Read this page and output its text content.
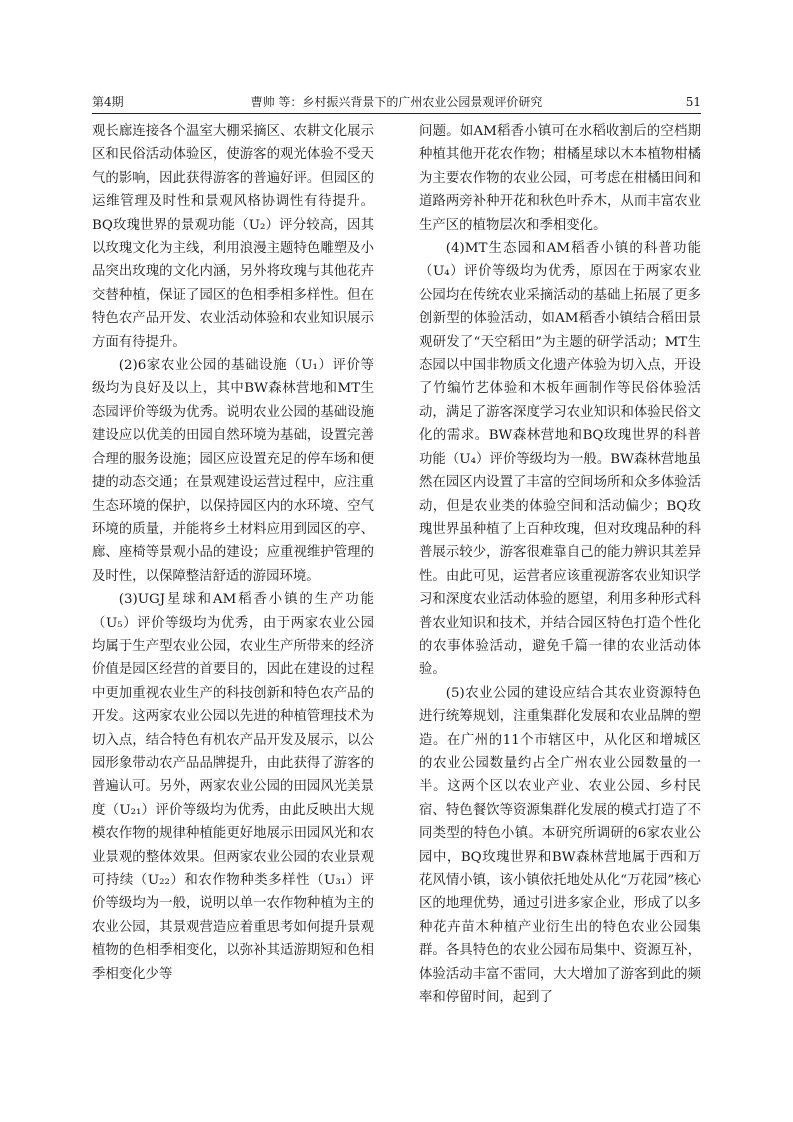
第4期	曹帅 等：乡村振兴背景下的广州农业公园景观评价研究	51

观长廊连接各个温室大棚采摘区、农耕文化展示区和民俗活动体验区，使游客的观光体验不受天气的影响，因此获得游客的普遍好评。但园区的运维管理及时性和景观风格协调性有待提升。BQ玫瑰世界的景观功能（U₂）评分较高，因其以玫瑰文化为主线，利用浪漫主题特色雕塑及小品突出玫瑰的文化内涵，另外将玫瑰与其他花卉交替种植，保证了园区的色相季相多样性。但在特色农产品开发、农业活动体验和农业知识展示方面有待提升。

(2)6家农业公园的基础设施（U₁）评价等级均为良好及以上，其中BW森林营地和MT生态园评价等级为优秀。说明农业公园的基础设施建设应以优美的田园自然环境为基础，设置完善合理的服务设施；园区应设置充足的停车场和便捷的动态交通；在景观建设运营过程中，应注重生态环境的保护，以保持园区内的水环境、空气环境的质量，并能将乡土材料应用到园区的亭、廊、座椅等景观小品的建设；应重视维护管理的及时性，以保障整洁舒适的游园环境。

(3)UGJ星球和AM稻香小镇的生产功能（U₅）评价等级均为优秀，由于两家农业公园均属于生产型农业公园，农业生产所带来的经济价值是园区经营的首要目的，因此在建设的过程中更加重视农业生产的科技创新和特色农产品的开发。这两家农业公园以先进的种植管理技术为切入点，结合特色有机农产品开发及展示，以公园形象带动农产品品牌提升，由此获得了游客的普遍认可。另外，两家农业公园的田园风光美景度（U₂₁）评价等级均为优秀，由此反映出大规模农作物的规律种植能更好地展示田园风光和农业景观的整体效果。但两家农业公园的农业景观可持续（U₂₂）和农作物种类多样性（U₃₁）评价等级均为一般，说明以单一农作物种植为主的农业公园，其景观营造应着重思考如何提升景观植物的色相季相变化，以弥补其适游期短和色相季相变化少等

问题。如AM稻香小镇可在水稻收割后的空档期种植其他开花农作物；柑橘星球以木本植物柑橘为主要农作物的农业公园，可考虑在柑橘田间和道路两旁补种开花和秋色叶乔木，从而丰富农业生产区的植物层次和季相变化。

(4)MT生态园和AM稻香小镇的科普功能（U₄）评价等级均为优秀，原因在于两家农业公园均在传统农业采摘活动的基础上拓展了更多创新型的体验活动，如AM稻香小镇结合稻田景观研发了“天空稻田”为主题的研学活动；MT生态园以中国非物质文化遗产体验为切入点，开设了竹编竹艺体验和木板年画制作等民俗体验活动，满足了游客深度学习农业知识和体验民俗文化的需求。BW森林营地和BQ玫瑰世界的科普功能（U₄）评价等级均为一般。BW森林营地虽然在园区内设置了丰富的空间场所和众多体验活动，但是农业类的体验空间和活动偏少；BQ玫瑰世界虽种植了上百种玫瑰，但对玫瑰品种的科普展示较少，游客很难靠自己的能力辨识其差异性。由此可见，运营者应该重视游客农业知识学习和深度农业活动体验的愿望，利用多种形式科普农业知识和技术，并结合园区特色打造个性化的农事体验活动，避免千篇一律的农业活动体验。

(5)农业公园的建设应结合其农业资源特色进行统筹规划，注重集群化发展和农业品牌的塑造。在广州的11个市辖区中，从化区和增城区的农业公园数量约占全广州农业公园数量的一半。这两个区以农业产业、农业公园、乡村民宿、特色餐饮等资源集群化发展的模式打造了不同类型的特色小镇。本研究所调研的6家农业公园中，BQ玫瑰世界和BW森林营地属于西和万花风情小镇，该小镇依托地处从化“万花园”核心区的地理优势，通过引进多家企业，形成了以多种花卉苗木种植产业衍生出的特色农业公园集群。各具特色的农业公园布局集中、资源互补，体验活动丰富不雷同，大大增加了游客到此的频率和停留时间，起到了
